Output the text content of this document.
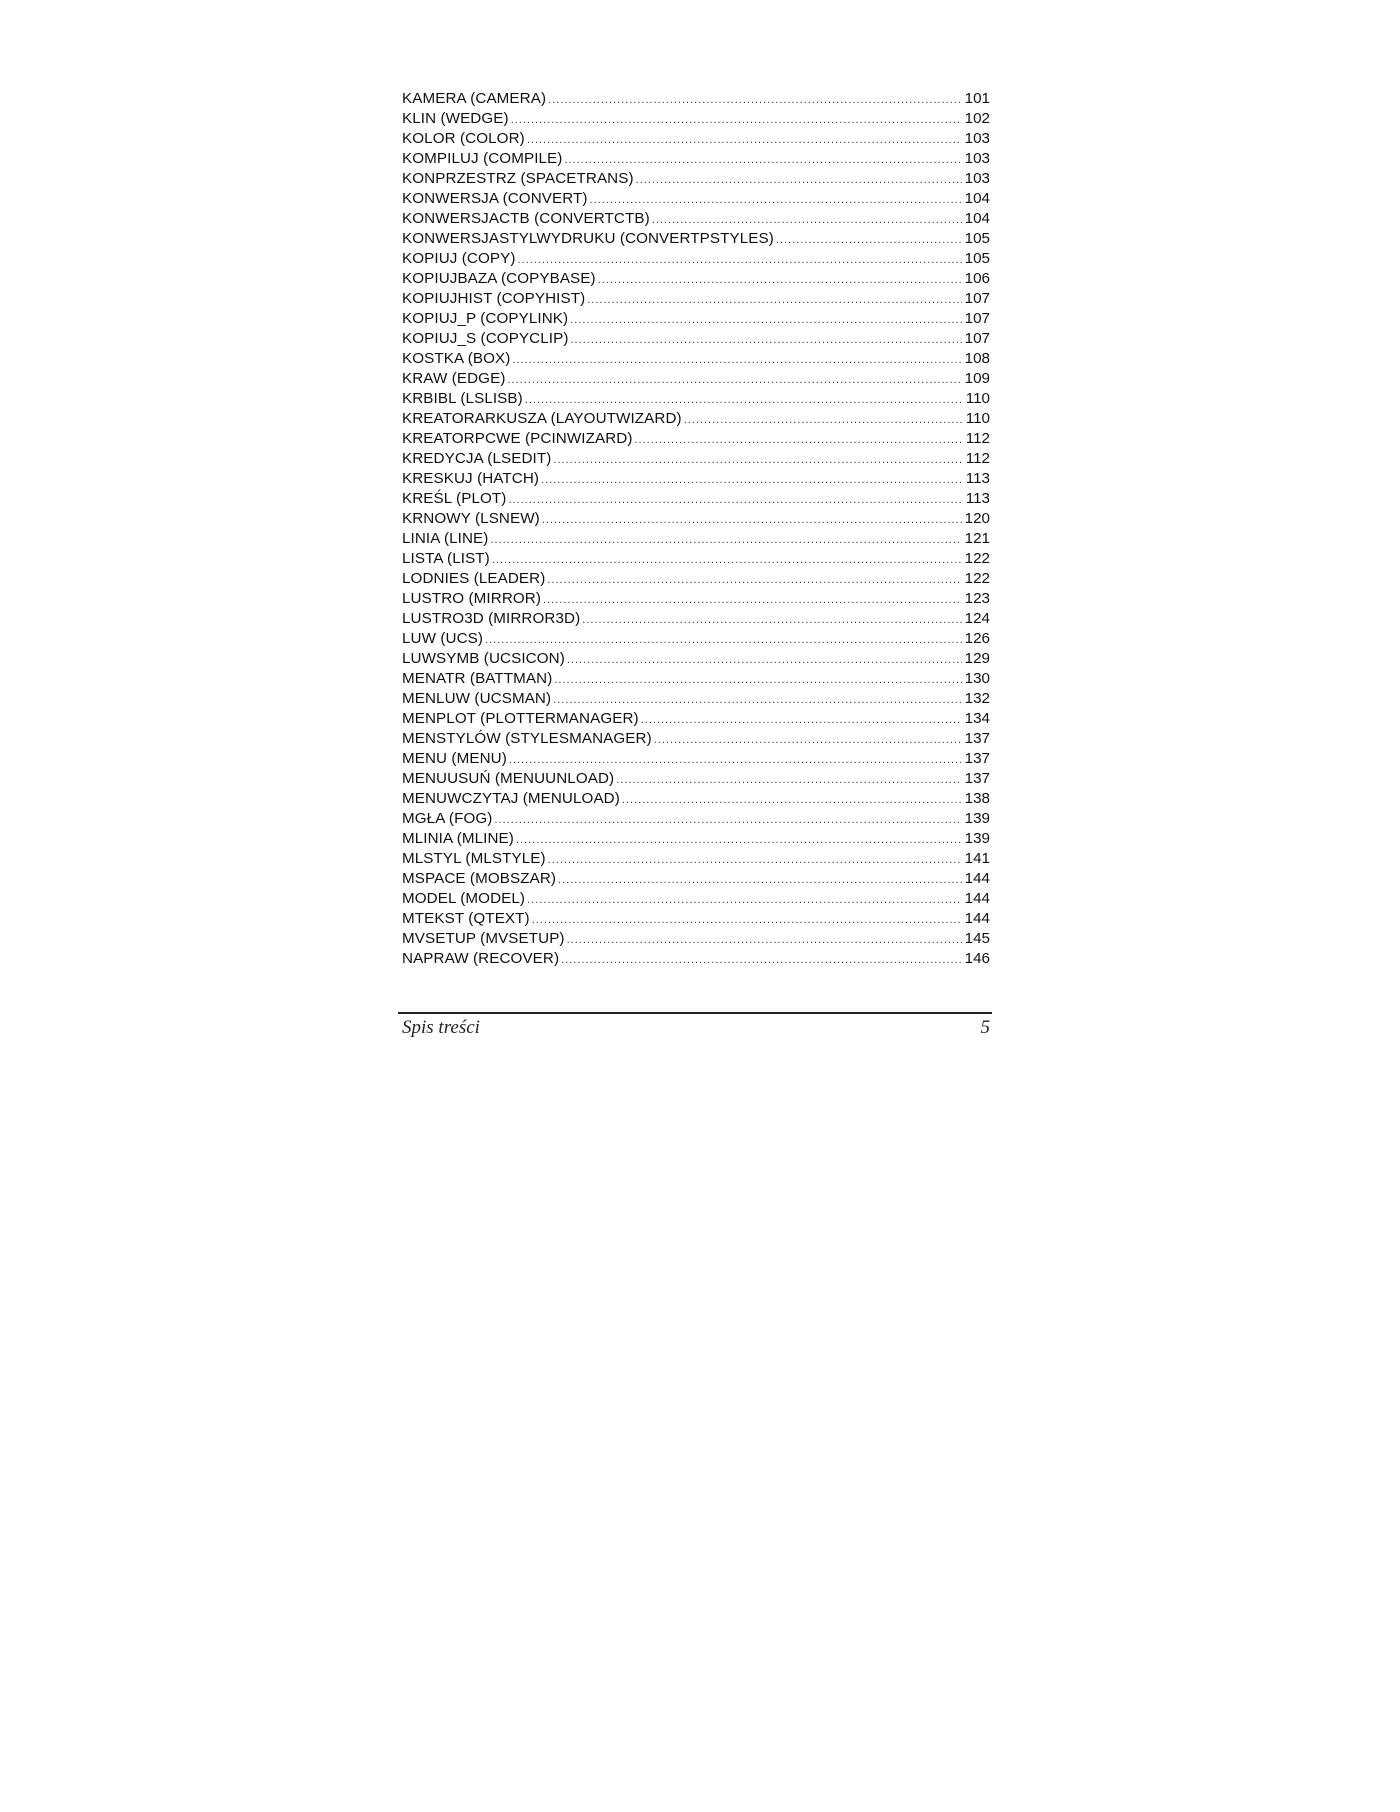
KAMERA (CAMERA) .....	101
KLIN (WEDGE) .....	102
KOLOR (COLOR) .....	103
KOMPILUJ (COMPILE) .....	103
KONPRZESTRZ (SPACETRANS) .....	103
KONWERSJA (CONVERT) .....	104
KONWERSJACTB (CONVERTCTB) .....	104
KONWERSJASTYLWYDRUKU (CONVERTPSTYLES) .....	105
KOPIUJ (COPY) .....	105
KOPIUJBAZA (COPYBASE) .....	106
KOPIUJHIST (COPYHIST) .....	107
KOPIUJ_P (COPYLINK) .....	107
KOPIUJ_S (COPYCLIP) .....	107
KOSTKA (BOX) .....	108
KRAW (EDGE) .....	109
KRBIBL (LSLISB) .....	110
KREATORARKUSZA (LAYOUTWIZARD) .....	110
KREATORPCWE (PCINWIZARD) .....	112
KREDYCJA (LSEDIT) .....	112
KRESKUJ (HATCH) .....	113
KREŚL (PLOT) .....	113
KRNOWY (LSNEW) .....	120
LINIA (LINE) .....	121
LISTA (LIST) .....	122
LODNIES (LEADER) .....	122
LUSTRO (MIRROR) .....	123
LUSTRO3D (MIRROR3D) .....	124
LUW (UCS) .....	126
LUWSYMB (UCSICON) .....	129
MENATR (BATTMAN) .....	130
MENLUW (UCSMAN) .....	132
MENPLOT (PLOTTERMANAGER) .....	134
MENSTYLÓW (STYLESMANAGER) .....	137
MENU (MENU) .....	137
MENUUSUŃ (MENUUNLOAD) .....	137
MENUWCZYTAJ (MENULOAD) .....	138
MGŁA (FOG) .....	139
MLINIA (MLINE) .....	139
MLSTYL (MLSTYLE) .....	141
MSPACE (MOBSZAR) .....	144
MODEL (MODEL) .....	144
MTEKST (QTEXT) .....	144
MVSETUP (MVSETUP) .....	145
NAPRAW (RECOVER) .....	146
Spis treści	5
